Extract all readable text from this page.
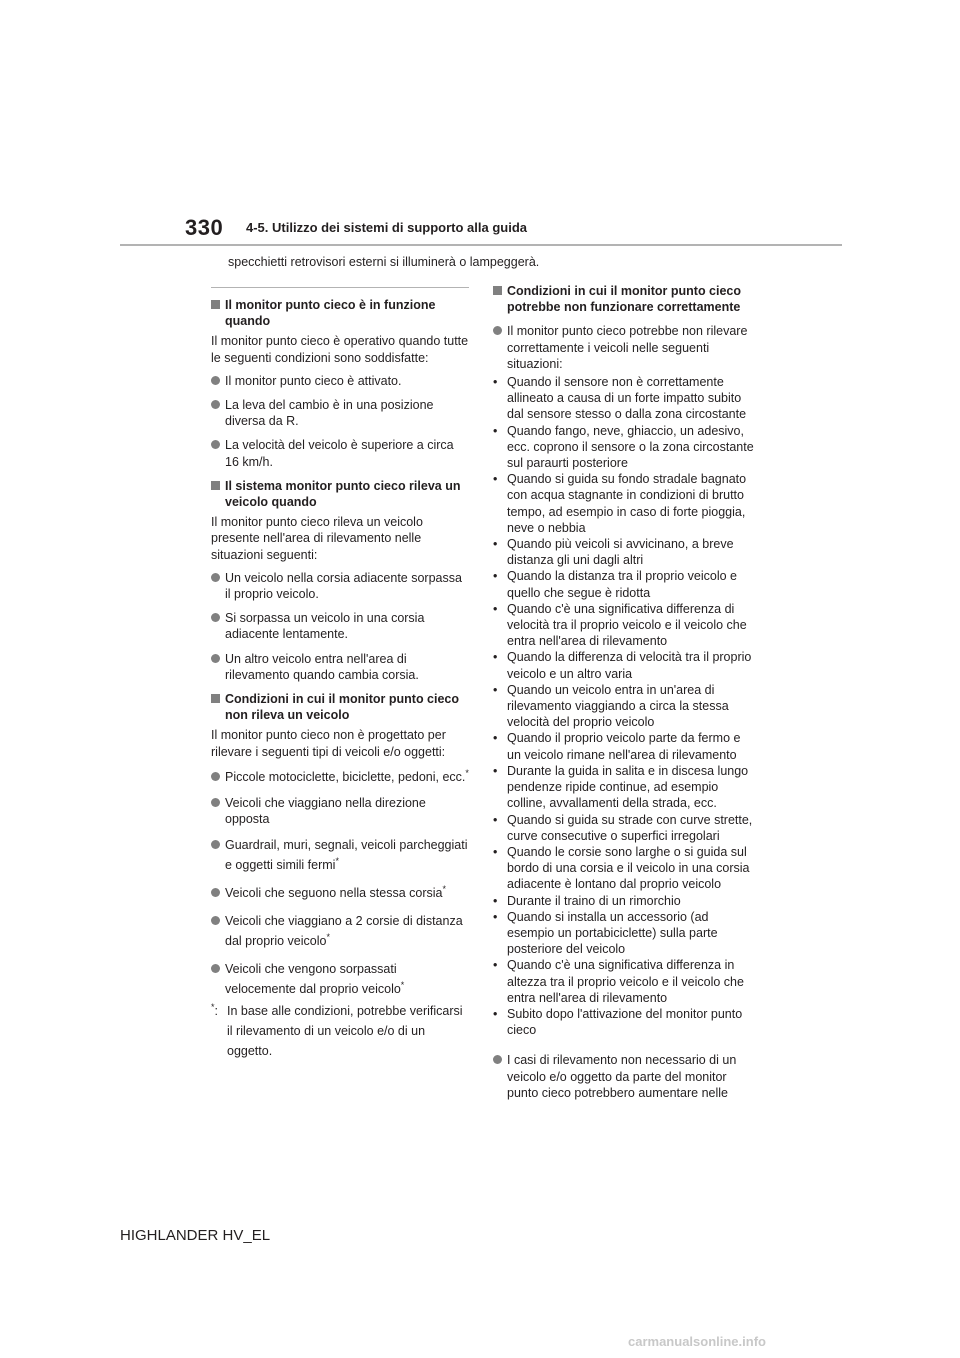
330 4-5. Utilizzo dei sistemi di supporto alla guida
specchietti retrovisori esterni si illuminerà o lampeggerà.
Il monitor punto cieco è in funzione quando
Il monitor punto cieco è operativo quando tutte le seguenti condizioni sono soddisfatte:
Il monitor punto cieco è attivato.
La leva del cambio è in una posizione diversa da R.
La velocità del veicolo è superiore a circa 16 km/h.
Il sistema monitor punto cieco rileva un veicolo quando
Il monitor punto cieco rileva un veicolo presente nell'area di rilevamento nelle situazioni seguenti:
Un veicolo nella corsia adiacente sorpassa il proprio veicolo.
Si sorpassa un veicolo in una corsia adiacente lentamente.
Un altro veicolo entra nell'area di rilevamento quando cambia corsia.
Condizioni in cui il monitor punto cieco non rileva un veicolo
Il monitor punto cieco non è progettato per rilevare i seguenti tipi di veicoli e/o oggetti:
Piccole motociclette, biciclette, pedoni, ecc.*
Veicoli che viaggiano nella direzione opposta
Guardrail, muri, segnali, veicoli parcheggiati e oggetti simili fermi*
Veicoli che seguono nella stessa corsia*
Veicoli che viaggiano a 2 corsie di distanza dal proprio veicolo*
Veicoli che vengono sorpassati velocemente dal proprio veicolo*
*: In base alle condizioni, potrebbe verificarsi il rilevamento di un veicolo e/o di un oggetto.
Condizioni in cui il monitor punto cieco potrebbe non funzionare correttamente
Il monitor punto cieco potrebbe non rilevare correttamente i veicoli nelle seguenti situazioni:
• Quando il sensore non è correttamente allineato a causa di un forte impatto subito dal sensore stesso o dalla zona circostante
• Quando fango, neve, ghiaccio, un adesivo, ecc. coprono il sensore o la zona circostante sul paraurti posteriore
• Quando si guida su fondo stradale bagnato con acqua stagnante in condizioni di brutto tempo, ad esempio in caso di forte pioggia, neve o nebbia
• Quando più veicoli si avvicinano, a breve distanza gli uni dagli altri
• Quando la distanza tra il proprio veicolo e quello che segue è ridotta
• Quando c'è una significativa differenza di velocità tra il proprio veicolo e il veicolo che entra nell'area di rilevamento
• Quando la differenza di velocità tra il proprio veicolo e un altro varia
• Quando un veicolo entra in un'area di rilevamento viaggiando a circa la stessa velocità del proprio veicolo
• Quando il proprio veicolo parte da fermo e un veicolo rimane nell'area di rilevamento
• Durante la guida in salita e in discesa lungo pendenze ripide continue, ad esempio colline, avvallamenti della strada, ecc.
• Quando si guida su strade con curve strette, curve consecutive o superfici irregolari
• Quando le corsie sono larghe o si guida sul bordo di una corsia e il veicolo in una corsia adiacente è lontano dal proprio veicolo
• Durante il traino di un rimorchio
• Quando si installa un accessorio (ad esempio un portabiciclette) sulla parte posteriore del veicolo
• Quando c'è una significativa differenza in altezza tra il proprio veicolo e il veicolo che entra nell'area di rilevamento
• Subito dopo l'attivazione del monitor punto cieco
I casi di rilevamento non necessario di un veicolo e/o oggetto da parte del monitor punto cieco potrebbero aumentare nelle
HIGHLANDER HV_EL
carmanualsonline.info
